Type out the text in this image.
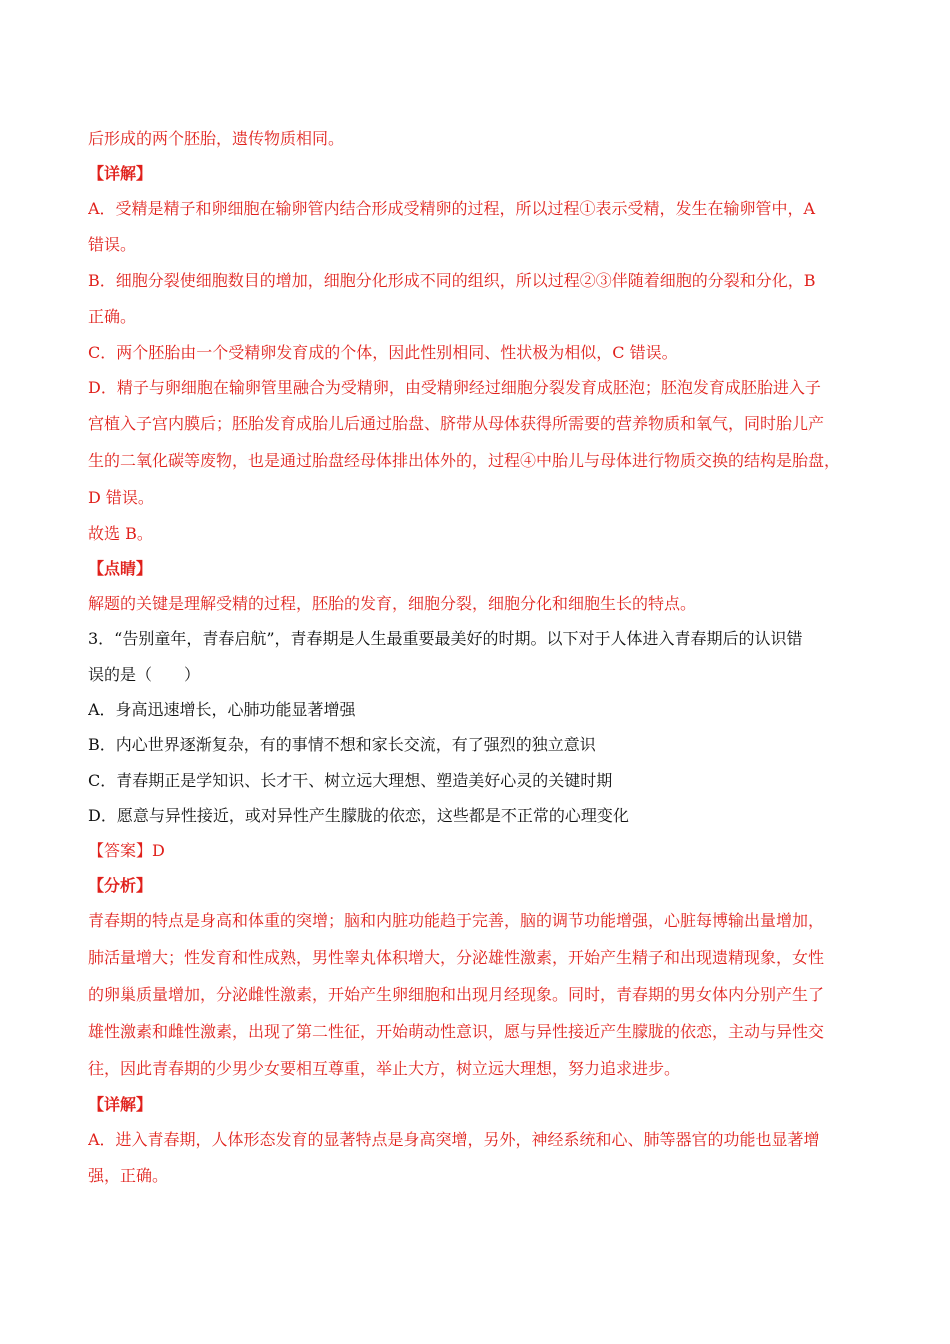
后形成的两个胚胎，遗传物质相同。
【详解】
A．受精是精子和卵细胞在输卵管内结合形成受精卵的过程，所以过程①表示受精，发生在输卵管中，A
错误。
B．细胞分裂使细胞数目的增加，细胞分化形成不同的组织，所以过程②③伴随着细胞的分裂和分化，B
正确。
C．两个胚胎由一个受精卵发育成的个体，因此性别相同、性状极为相似，C 错误。
D．精子与卵细胞在输卵管里融合为受精卵，由受精卵经过细胞分裂发育成胚泡；胚泡发育成胚胎进入子
宫植入子宫内膜后；胚胎发育成胎儿后通过胎盘、脐带从母体获得所需要的营养物质和氧气，同时胎儿产
生的二氧化碳等废物，也是通过胎盘经母体排出体外的，过程④中胎儿与母体进行物质交换的结构是胎盘，
D 错误。
故选 B。
【点睛】
解题的关键是理解受精的过程，胚胎的发育，细胞分裂，细胞分化和细胞生长的特点。
3．“告别童年，青春启航”，青春期是人生最重要最美好的时期。以下对于人体进入青春期后的认识错
误的是（　　）
A．身高迅速增长，心肺功能显著增强
B．内心世界逐渐复杂，有的事情不想和家长交流，有了强烈的独立意识
C．青春期正是学知识、长才干、树立远大理想、塑造美好心灵的关键时期
D．愿意与异性接近，或对异性产生朦胧的依恋，这些都是不正常的心理变化
【答案】D
【分析】
青春期的特点是身高和体重的突增；脑和内脏功能趋于完善，脑的调节功能增强，心脏每博输出量增加，
肺活量增大；性发育和性成熟，男性睾丸体积增大，分泌雄性激素，开始产生精子和出现遗精现象，女性
的卵巢质量增加，分泌雌性激素，开始产生卵细胞和出现月经现象。同时，青春期的男女体内分别产生了
雄性激素和雌性激素，出现了第二性征，开始萌动性意识，愿与异性接近产生朦胧的依恋，主动与异性交
往，因此青春期的少男少女要相互尊重，举止大方，树立远大理想，努力追求进步。
【详解】
A．进入青春期，人体形态发育的显著特点是身高突增，另外，神经系统和心、肺等器官的功能也显著增
强，正确。
